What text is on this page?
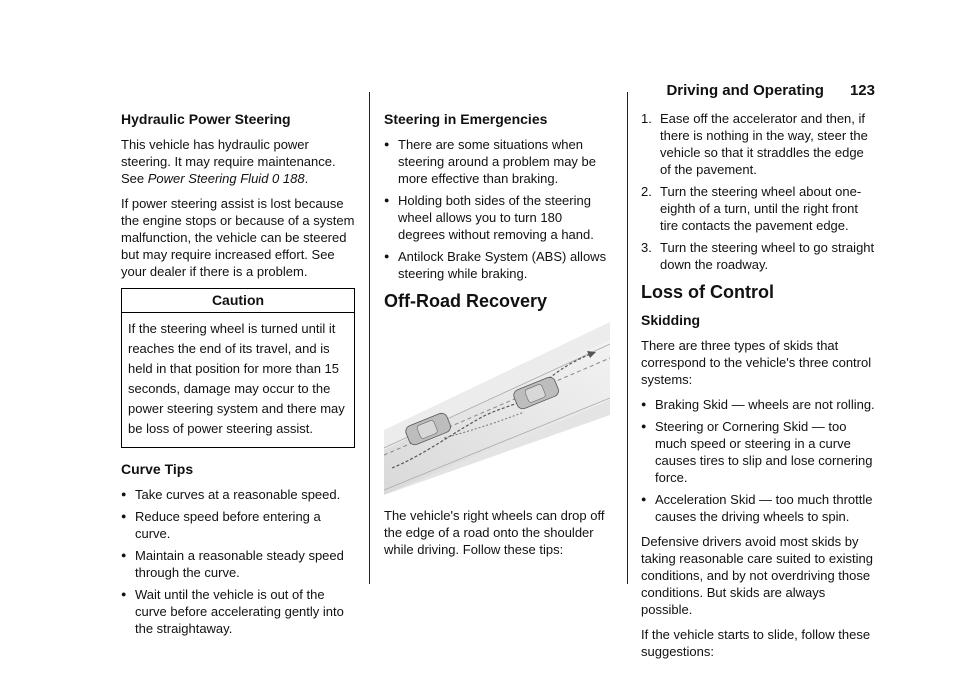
Driving and Operating 123
Hydraulic Power Steering

This vehicle has hydraulic power steering. It may require maintenance. See Power Steering Fluid 0 188.

If power steering assist is lost because the engine stops or because of a system malfunction, the vehicle can be steered but may require increased effort. See your dealer if there is a problem.

Caution
If the steering wheel is turned until it reaches the end of its travel, and is held in that position for more than 15 seconds, damage may occur to the power steering system and there may be loss of power steering assist.
Curve Tips
● Take curves at a reasonable speed.
● Reduce speed before entering a curve.
● Maintain a reasonable steady speed through the curve.
● Wait until the vehicle is out of the curve before accelerating gently into the straightaway.
Steering in Emergencies
● There are some situations when steering around a problem may be more effective than braking.
● Holding both sides of the steering wheel allows you to turn 180 degrees without removing a hand.
● Antilock Brake System (ABS) allows steering while braking.
Off-Road Recovery

The vehicle's right wheels can drop off the edge of a road onto the shoulder while driving. Follow these tips:

1. Ease off the accelerator and then, if there is nothing in the way, steer the vehicle so that it straddles the edge of the pavement.
2. Turn the steering wheel about one-eighth of a turn, until the right front tire contacts the pavement edge.
3. Turn the steering wheel to go straight down the roadway.
Loss of Control
Skidding

There are three types of skids that correspond to the vehicle's three control systems:

● Braking Skid — wheels are not rolling.
● Steering or Cornering Skid — too much speed or steering in a curve causes tires to slip and lose cornering force.
● Acceleration Skid — too much throttle causes the driving wheels to spin.

Defensive drivers avoid most skids by taking reasonable care suited to existing conditions, and by not overdriving those conditions. But skids are always possible.

If the vehicle starts to slide, follow these suggestions:
